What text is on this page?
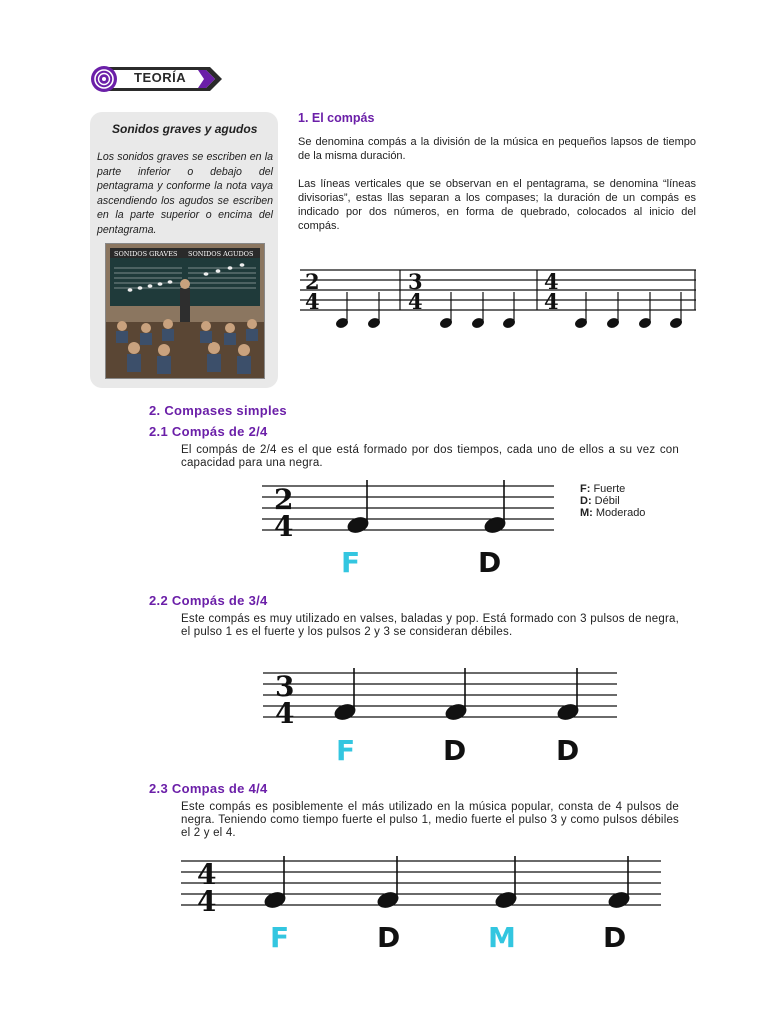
TEORÍA
Sonidos graves y agudos
Los sonidos graves se escriben en la parte inferior o debajo del pentagrama y conforme la nota vaya ascendiendo los agudos se escriben en la parte superior o encima del pentagrama.
SONIDOS GRAVES SONIDOS AGUDOS
1. El compás
Se denomina compás a la división de la música en pequeños lapsos de tiempo de la misma duración.
Las líneas verticales que se observan en el pentagrama, se denomina “líneas divisorias”, estas llas separan a los compases; la duración de un compás es indicado por dos números, en forma de quebrado, colocados al inicio del compás.
2
4
3
4
4
4
2. Compases simples
2.1 Compás de 2/4
El compás de 2/4 es el que está formado por dos tiempos, cada uno de ellos a su vez con capacidad para una negra.
2
4
F: Fuerte
D: Débil
M: Moderado
F	D
2.2 Compás de 3/4
Este compás es muy utilizado en valses, baladas y pop. Está formado con 3 pulsos de negra, el pulso 1 es el fuerte y los pulsos 2 y 3 se consideran débiles.
3
4
F	D	D
2.3 Compas de 4/4
Este compás es posiblemente el más utilizado en la música popular, consta de 4 pulsos de negra. Teniendo como tiempo fuerte el pulso 1, medio fuerte el pulso 3 y como pulsos débiles el 2 y el 4.
4
4
F	D	M	D
